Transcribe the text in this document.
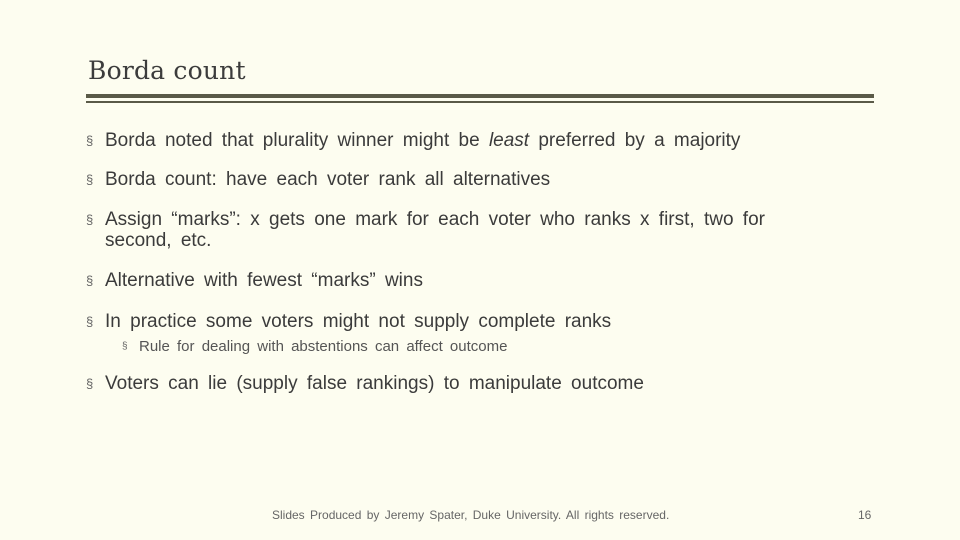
Borda count
§ Borda noted that plurality winner might be least preferred by a majority
§ Borda count: have each voter rank all alternatives
§ Assign “marks”: x gets one mark for each voter who ranks x first, two for second, etc.
§ Alternative with fewest “marks” wins
§ In practice some voters might not supply complete ranks
§ Rule for dealing with abstentions can affect outcome
§ Voters can lie (supply false rankings) to manipulate outcome
Slides Produced by Jeremy Spater, Duke University. All rights reserved.	16
